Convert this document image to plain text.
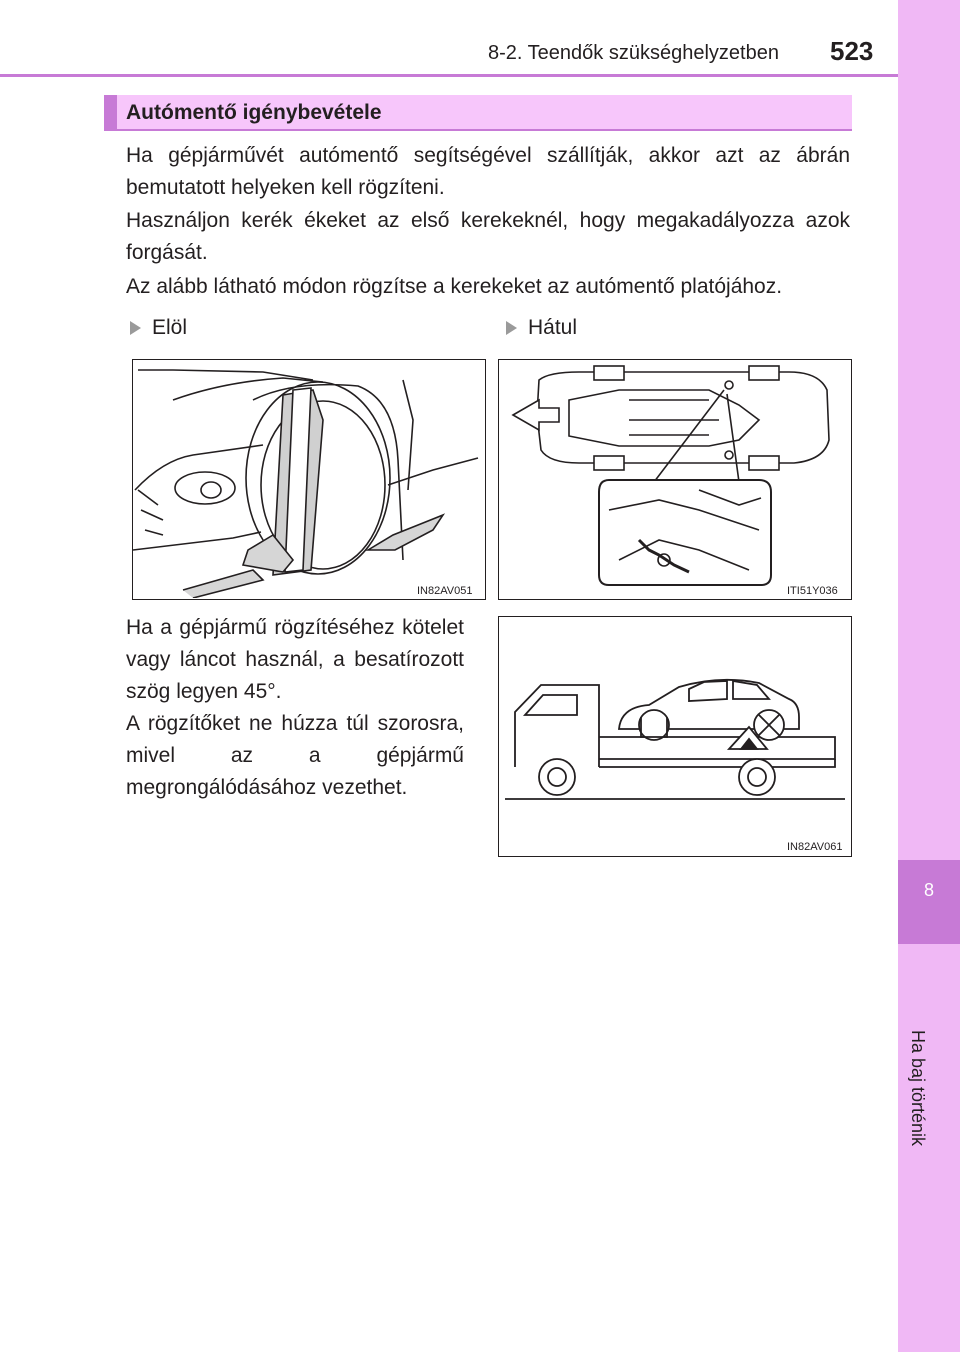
8-2. Teendők szükséghelyzetben 523
8
Ha baj történik
Autómentő igénybevétele
Ha gépjárművét autómentő segítségével szállítják, akkor azt az ábrán bemutatott helyeken kell rögzíteni.
Használjon kerék ékeket az első kerekeknél, hogy megakadályozza azok forgását.
Az alább látható módon rögzítse a kerekeket az autómentő platójához.
Elöl	Hátul
IN82AV051	ITI51Y036
Ha a gépjármű rögzítéséhez kötelet vagy láncot használ, a besatírozott szög legyen 45°.
A rögzítőket ne húzza túl szorosra, mivel az a gépjármű megrongálódásához vezethet.
IN82AV061
